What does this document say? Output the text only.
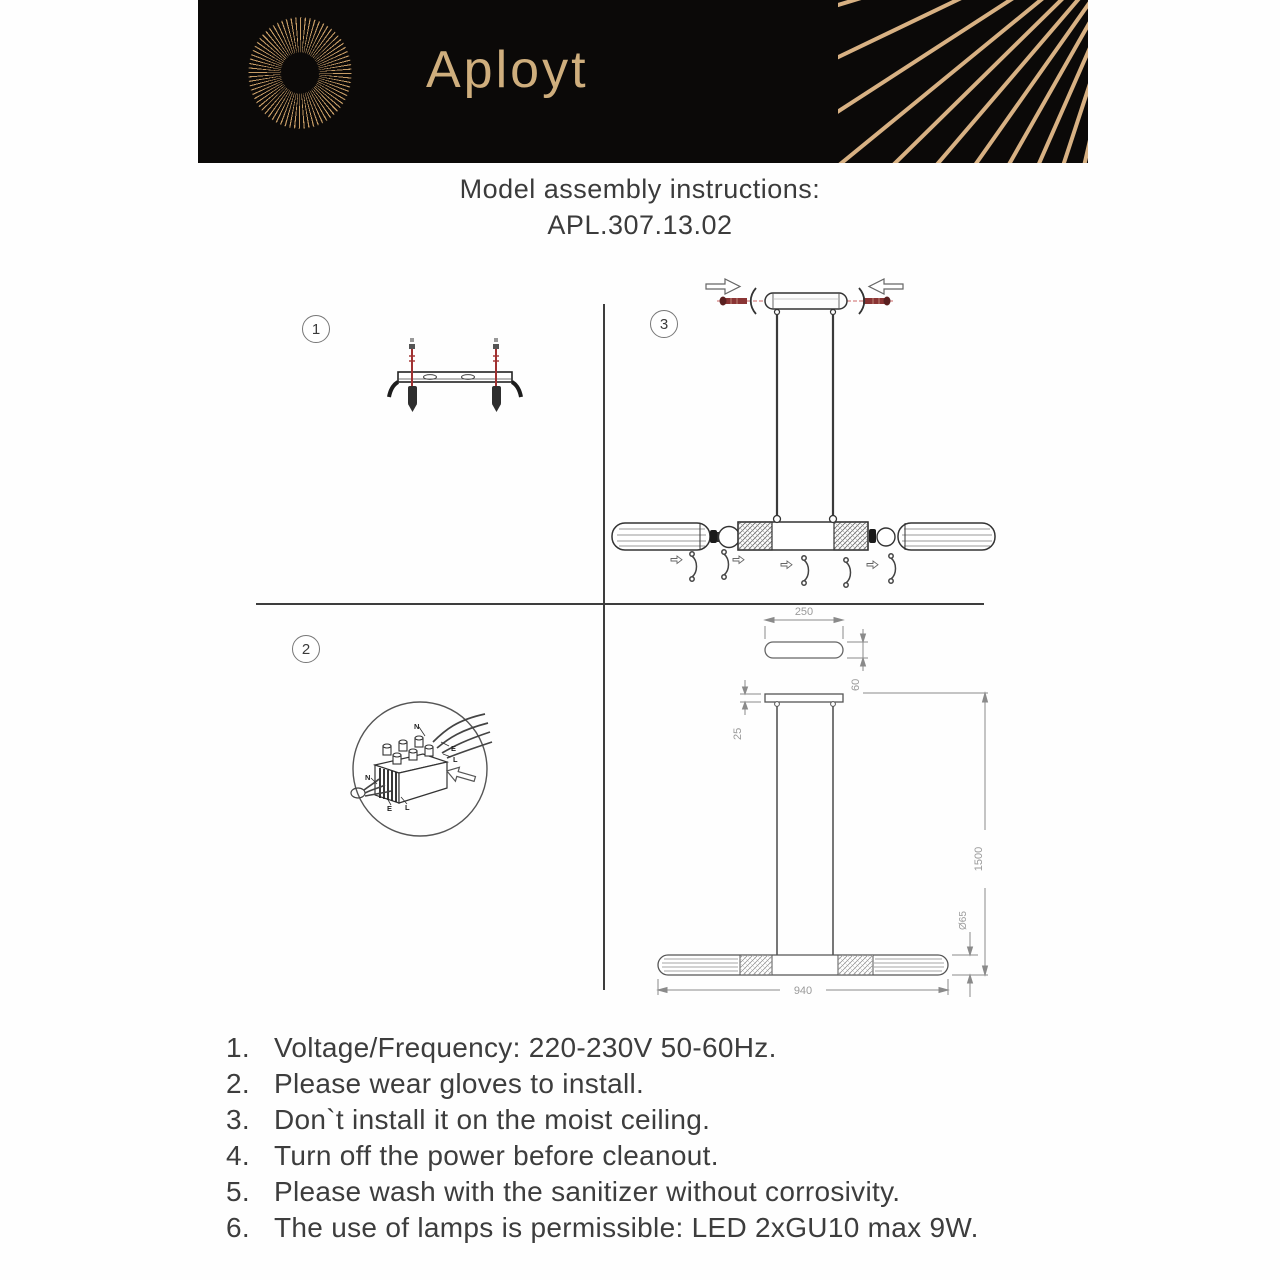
Aployt
Model assembly instructions:
APL.307.13.02
1	3
2
N
E
L
N
E L
250
60
25
940
1500
Ø65
1. Voltage/Frequency: 220-230V 50-60Hz.
2. Please wear gloves to install.
3. Don`t install it on the moist ceiling.
4. Turn off the power before cleanout.
5. Please wash with the sanitizer without corrosivity.
6. The use of lamps is permissible: LED 2xGU10 max 9W.
